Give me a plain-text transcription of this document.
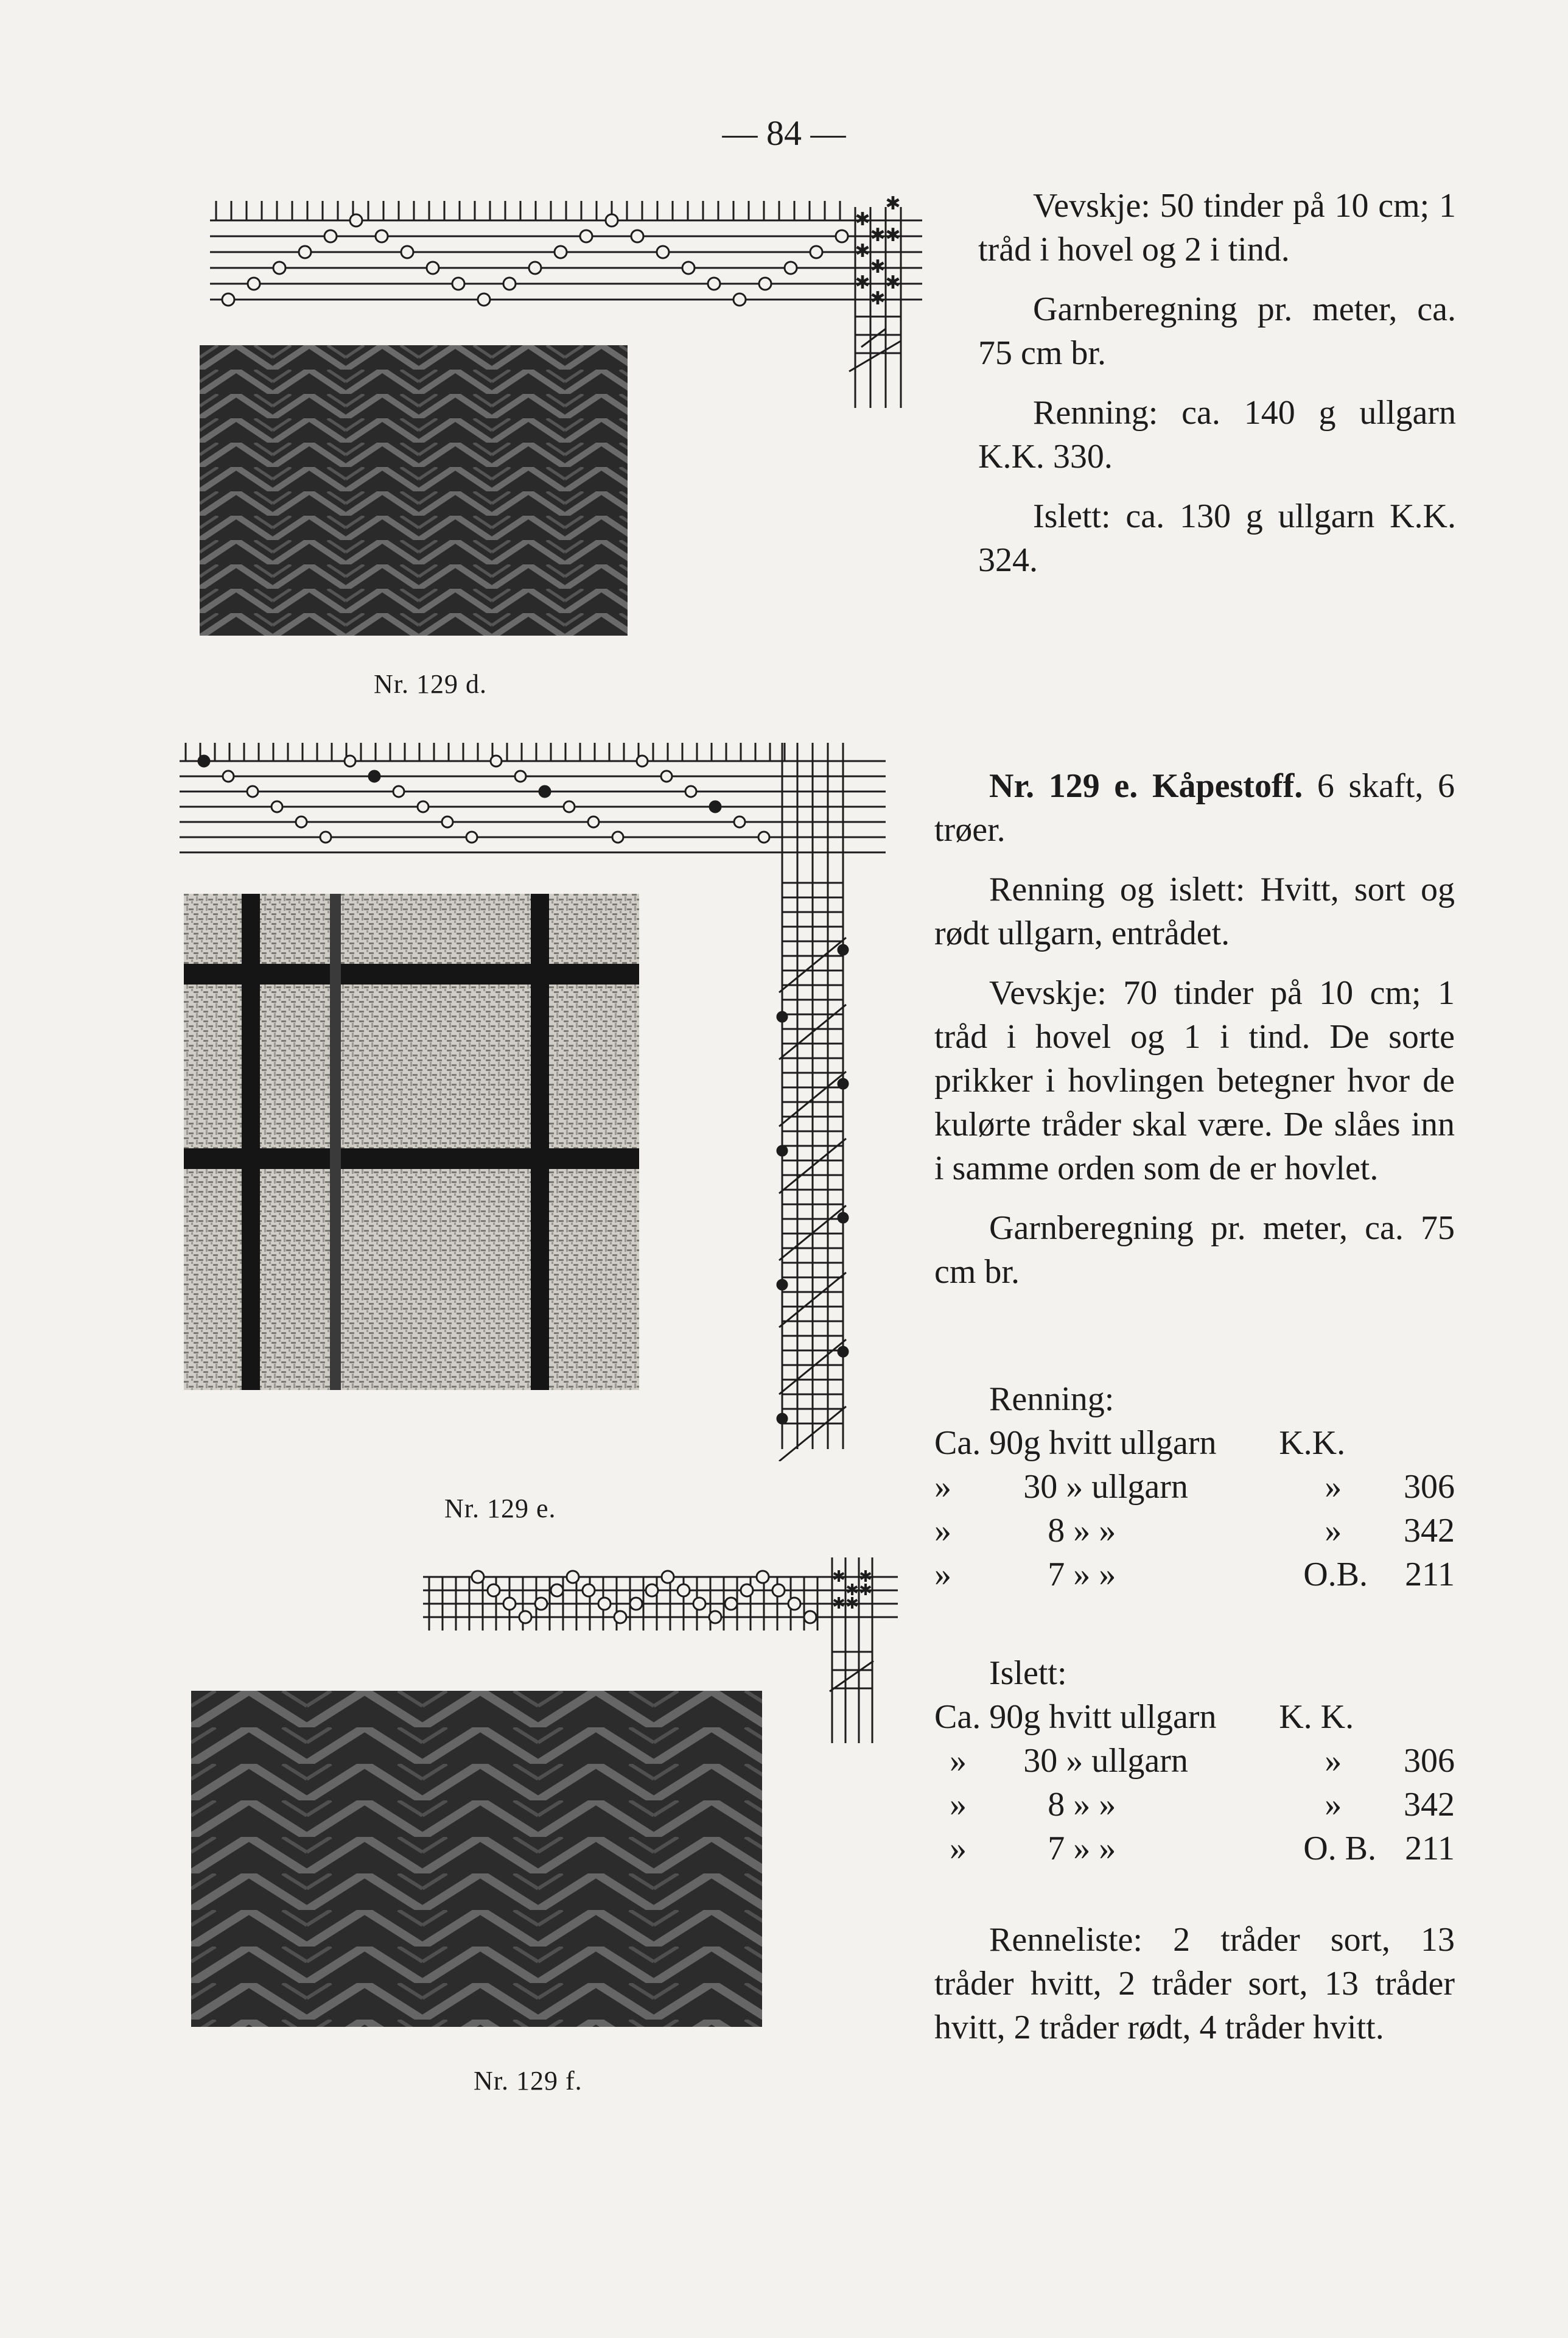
— 84 —
✱
✱
✱ ✱
✱
✱
✱ ✱
✱
Nr. 129 d.

Vevskje: 50 tinder på 10 cm; 1 tråd i hovel og 2 i tind.

Garnberegning pr. meter, ca. 75 cm br.

Renning: ca. 140 g ullgarn K.K. 330.

Islett: ca. 130 g ullgarn K.K. 324.

Nr. 129 e.

Nr. 129 e. Kåpestoff. 6 skaft, 6 trøer.

Renning og islett: Hvitt, sort og rødt ullgarn, entrådet.

Vevskje: 70 tinder på 10 cm; 1 tråd i hovel og 1 i tind. De sorte prikker i hovlingen betegner hvor de kulørte tråder skal være. De slåes inn i samme orden som de er hovlet.

Garnberegning pr. meter, ca. 75 cm br.

Renning:
Ca. 90	g hvitt ullgarn	K.K.	
»	30 » ullgarn	»	306
»	8 » »	»	342
»	7 » »	O.B.	211
Islett:
Ca. 90	g hvitt ullgarn	K. K.	
»	30 » ullgarn	»	306
»	8 » »	»	342
»	7 » »	O. B.	211

Renneliste: 2 tråder sort, 13 tråder hvitt, 2 tråder sort, 13 tråder hvitt, 2 tråder rødt, 4 tråder hvitt.

✱ ✱
✱ ✱
✱ ✱
Nr. 129 f.
